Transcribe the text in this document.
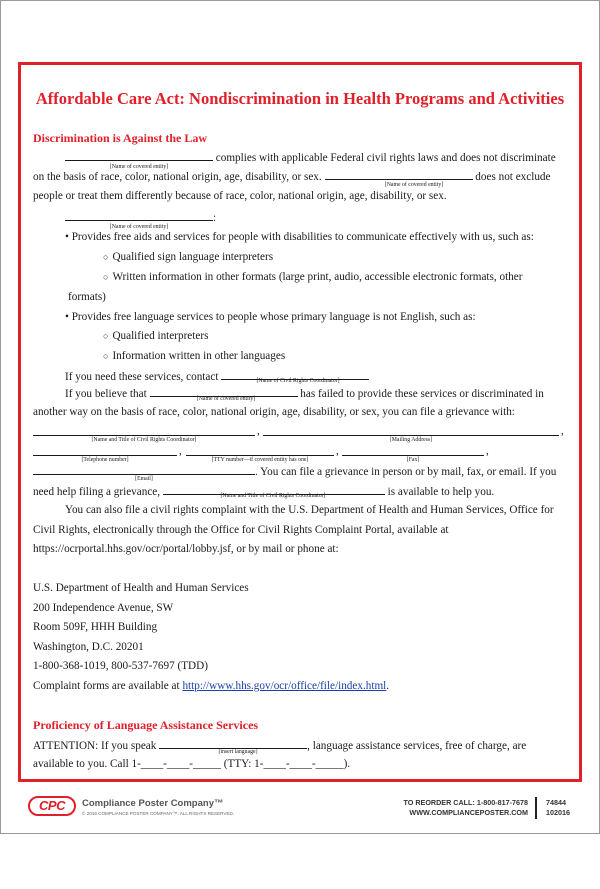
Affordable Care Act: Nondiscrimination in Health Programs and Activities
Discrimination is Against the Law
complies with applicable Federal civil rights laws and does not discriminate
[Name of covered entity]
on the basis of race, color, national origin, age, disability, or sex.	does not exclude
[Name of covered entity]
people or treat them differently because of race, color, national origin, age, disability, or sex.
:
[Name of covered entity]
• Provides free aids and services for people with disabilities to communicate effectively with us, such as:
○ Qualified sign language interpreters
○ Written information in other formats (large print, audio, accessible electronic formats, other
formats)
• Provides free language services to people whose primary language is not English, such as:
○ Qualified interpreters
○ Information written in other languages
If you need these services, contact	[Name of Civil Rights Coordinator]
If you believe that	has failed to provide these services or discriminated in
[Name of covered entity]
another way on the basis of race, color, national origin, age, disability, or sex, you can file a grievance with:
,	,
[Name and Title of Civil Rights Coordinator]	[Mailing Address]
,	,	,
[Telephone number]	[TTY number—if covered entity has one]	[Fax]
. You can file a grievance in person or by mail, fax, or email. If you
[Email]
need help filing a grievance,	is available to help you.
[Name and Title of Civil Rights Coordinator]
You can also file a civil rights complaint with the U.S. Department of Health and Human Services, Office for
Civil Rights, electronically through the Office for Civil Rights Complaint Portal, available at
https://ocrportal.hhs.gov/ocr/portal/lobby.jsf, or by mail or phone at:
U.S. Department of Health and Human Services
200 Independence Avenue, SW
Room 509F, HHH Building
Washington, D.C. 20201
1-800-368-1019, 800-537-7697 (TDD)
Complaint forms are available at http://www.hhs.gov/ocr/office/file/index.html.
Proficiency of Language Assistance Services
ATTENTION: If you speak	, language assistance services, free of charge, are
[insert language]
available to you. Call 1-____-____-_____ (TTY: 1-____-____-_____).
CPC	Compliance Poster Company™
© 2016 COMPLIANCE POSTER COMPANY™. ALL RIGHTS RESERVED.
TO REORDER CALL: 1-800-817-7678
WWW.COMPLIANCEPOSTER.COM
74844
102016
